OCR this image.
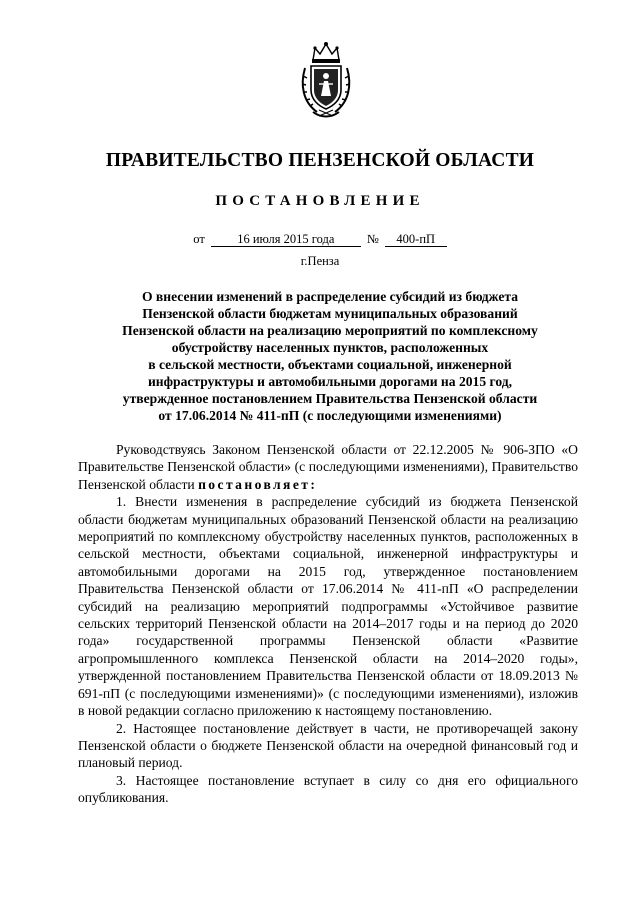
ПРАВИТЕЛЬСТВО ПЕНЗЕНСКОЙ ОБЛАСТИ
ПОСТАНОВЛЕНИЕ
от	16 июля 2015 года	№ 400-пП
г.Пенза
О внесении изменений в распределение субсидий из бюджета
Пензенской области бюджетам муниципальных образований
Пензенской области на реализацию мероприятий по комплексному
обустройству населенных пунктов, расположенных
в сельской местности, объектами социальной, инженерной
инфраструктуры и автомобильными дорогами на 2015 год,
утвержденное постановлением Правительства Пензенской области
от 17.06.2014 № 411-пП (с последующими изменениями)

Руководствуясь Законом Пензенской области от 22.12.2005 № 906-ЗПО «О Правительстве Пензенской области» (с последующими изменениями), Правительство Пензенской области постановляет:

1. Внести изменения в распределение субсидий из бюджета Пензенской области бюджетам муниципальных образований Пензенской области на реализацию мероприятий по комплексному обустройству населенных пунктов, расположенных в сельской местности, объектами социальной, инженерной инфраструктуры и автомобильными дорогами на 2015 год, утвержденное постановлением Правительства Пензенской области от 17.06.2014 № 411-пП «О распределении субсидий на реализацию мероприятий подпрограммы «Устойчивое развитие сельских территорий Пензенской области на 2014–2017 годы и на период до 2020 года» государственной программы Пензенской области «Развитие агропромышленного комплекса Пензенской области на 2014–2020 годы», утвержденной постановлением Правительства Пензенской области от 18.09.2013 № 691-пП (с последующими изменениями)» (с последующими изменениями), изложив в новой редакции согласно приложению к настоящему постановлению.

2. Настоящее постановление действует в части, не противоречащей закону Пензенской области о бюджете Пензенской области на очередной финансовый год и плановый период.

3. Настоящее постановление вступает в силу со дня его официального опубликования.
